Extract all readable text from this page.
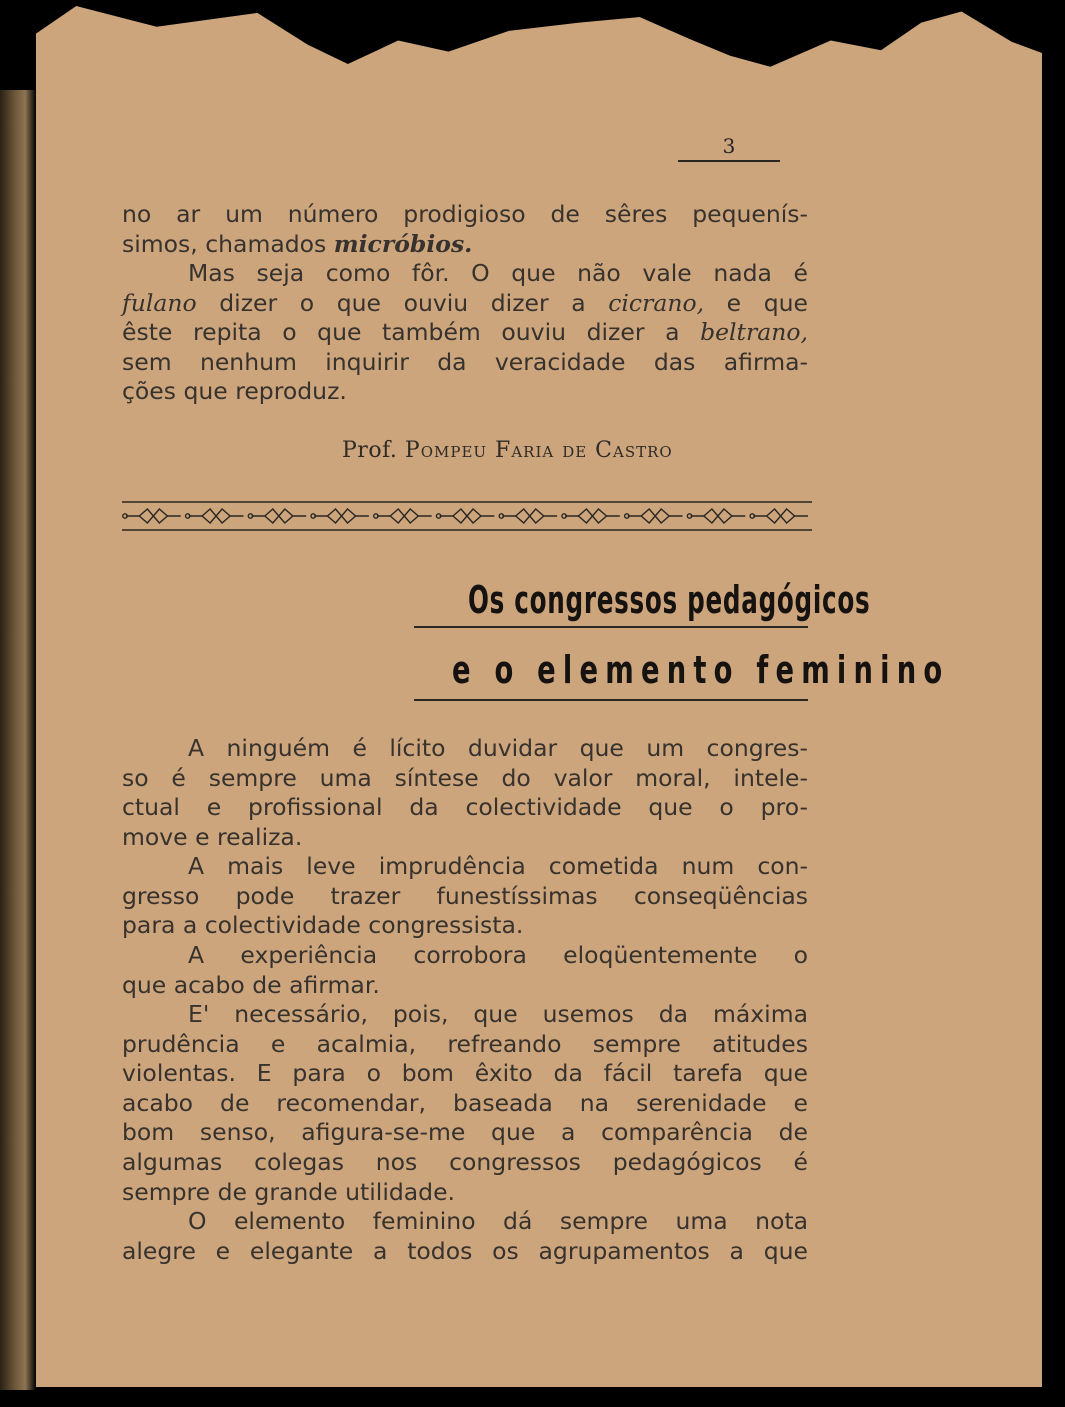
3
no ar um número prodigioso de sêres pequenís-
simos, chamados micróbios.
Mas seja como fôr. O que não vale nada é
fulano dizer o que ouviu dizer a cicrano, e que
êste repita o que também ouviu dizer a beltrano,
sem nenhum inquirir da veracidade das afirma-
ções que reproduz.
Prof. Pompeu Faria de Castro
Os congressos pedagógicos
e o elemento feminino
A ninguém é lícito duvidar que um congres-
so é sempre uma síntese do valor moral, intele-
ctual e profissional da colectividade que o pro-
move e realiza.
A mais leve imprudência cometida num con-
gresso pode trazer funestíssimas conseqüências
para a colectividade congressista.
A experiência corrobora eloqüentemente o
que acabo de afirmar.
E' necessário, pois, que usemos da máxima
prudência e acalmia, refreando sempre atitudes
violentas. E para o bom êxito da fácil tarefa que
acabo de recomendar, baseada na serenidade e
bom senso, afigura-se-me que a comparência de
algumas colegas nos congressos pedagógicos é
sempre de grande utilidade.
O elemento feminino dá sempre uma nota
alegre e elegante a todos os agrupamentos a que
